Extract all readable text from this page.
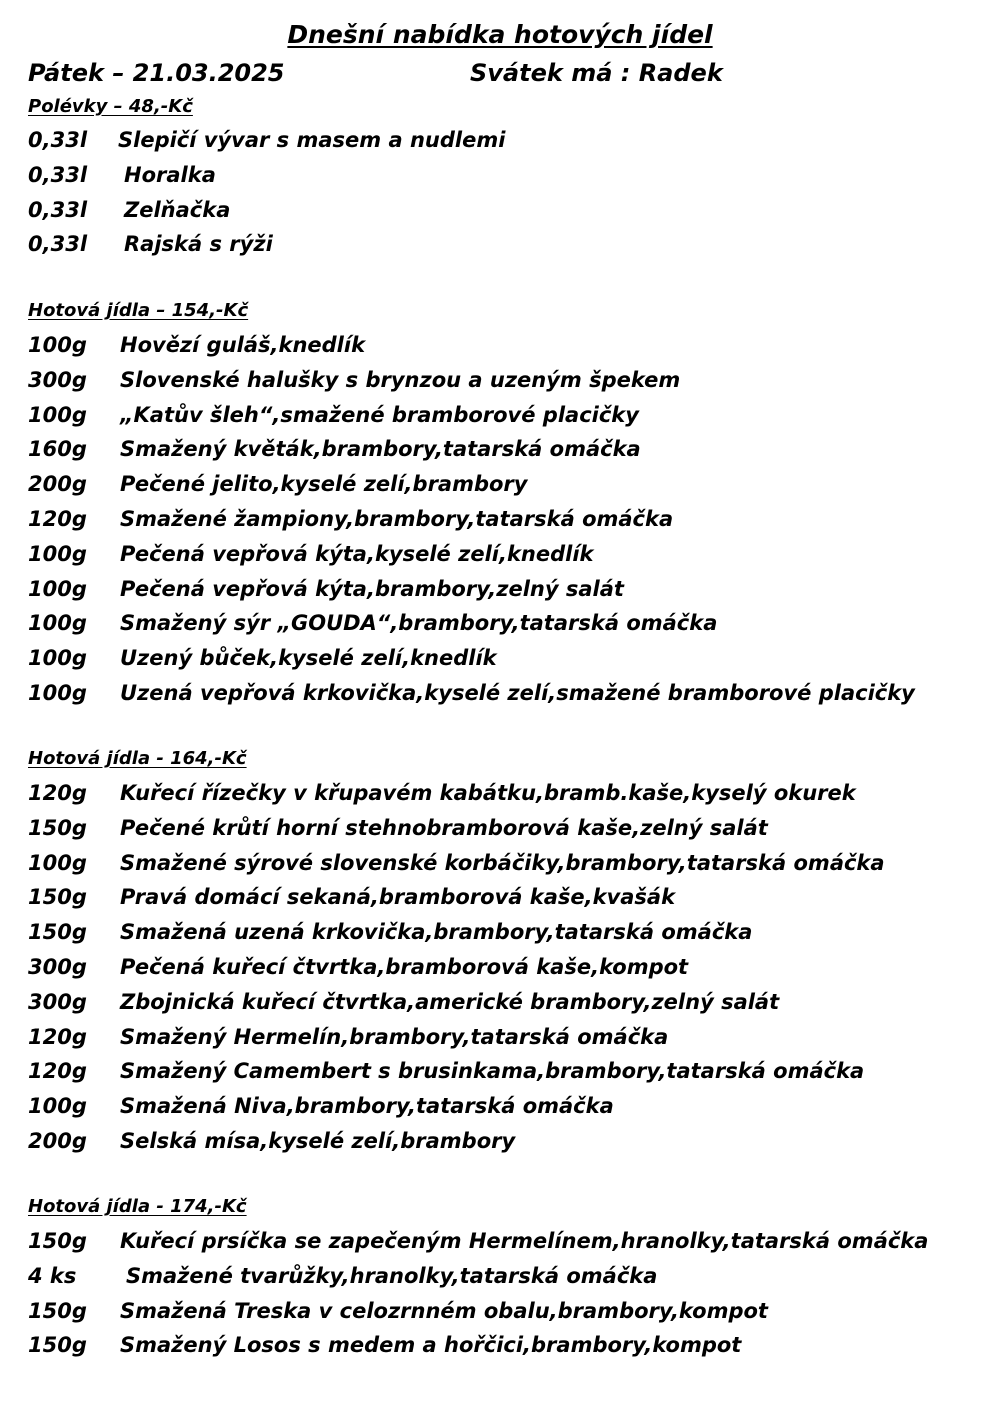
Dnešní nabídka hotových jídel
Pátek – 21.03.2025	Svátek má : Radek
Polévky – 48,-Kč
0,33l Slepičí vývar s masem a nudlemi
0,33l Horalka
0,33l Zelňačka
0,33l Rajská s rýži
Hotová jídla – 154,-Kč
100g Hovězí guláš,knedlík
300g Slovenské halušky s brynzou a uzeným špekem
100g „Katův šleh“,smažené bramborové placičky
160g Smažený květák,brambory,tatarská omáčka
200g Pečené jelito,kyselé zelí,brambory
120g Smažené žampiony,brambory,tatarská omáčka
100g Pečená vepřová kýta,kyselé zelí,knedlík
100g Pečená vepřová kýta,brambory,zelný salát
100g Smažený sýr „GOUDA“,brambory,tatarská omáčka
100g Uzený bůček,kyselé zelí,knedlík
100g Uzená vepřová krkovička,kyselé zelí,smažené bramborové placičky
Hotová jídla - 164,-Kč
120g Kuřecí řízečky v křupavém kabátku,bramb.kaše,kyselý okurek
150g Pečené krůtí horní stehnobramborová kaše,zelný salát
100g Smažené sýrové slovenské korbáčiky,brambory,tatarská omáčka
150g Pravá domácí sekaná,bramborová kaše,kvašák
150g Smažená uzená krkovička,brambory,tatarská omáčka
300g Pečená kuřecí čtvrtka,bramborová kaše,kompot
300g Zbojnická kuřecí čtvrtka,americké brambory,zelný salát
120g Smažený Hermelín,brambory,tatarská omáčka
120g Smažený Camembert s brusinkama,brambory,tatarská omáčka
100g Smažená Niva,brambory,tatarská omáčka
200g Selská mísa,kyselé zelí,brambory
Hotová jídla - 174,-Kč
150g Kuřecí prsíčka se zapečeným Hermelínem,hranolky,tatarská omáčka
4 ks Smažené tvarůžky,hranolky,tatarská omáčka
150g Smažená Treska v celozrnném obalu,brambory,kompot
150g Smažený Losos s medem a hořčici,brambory,kompot
